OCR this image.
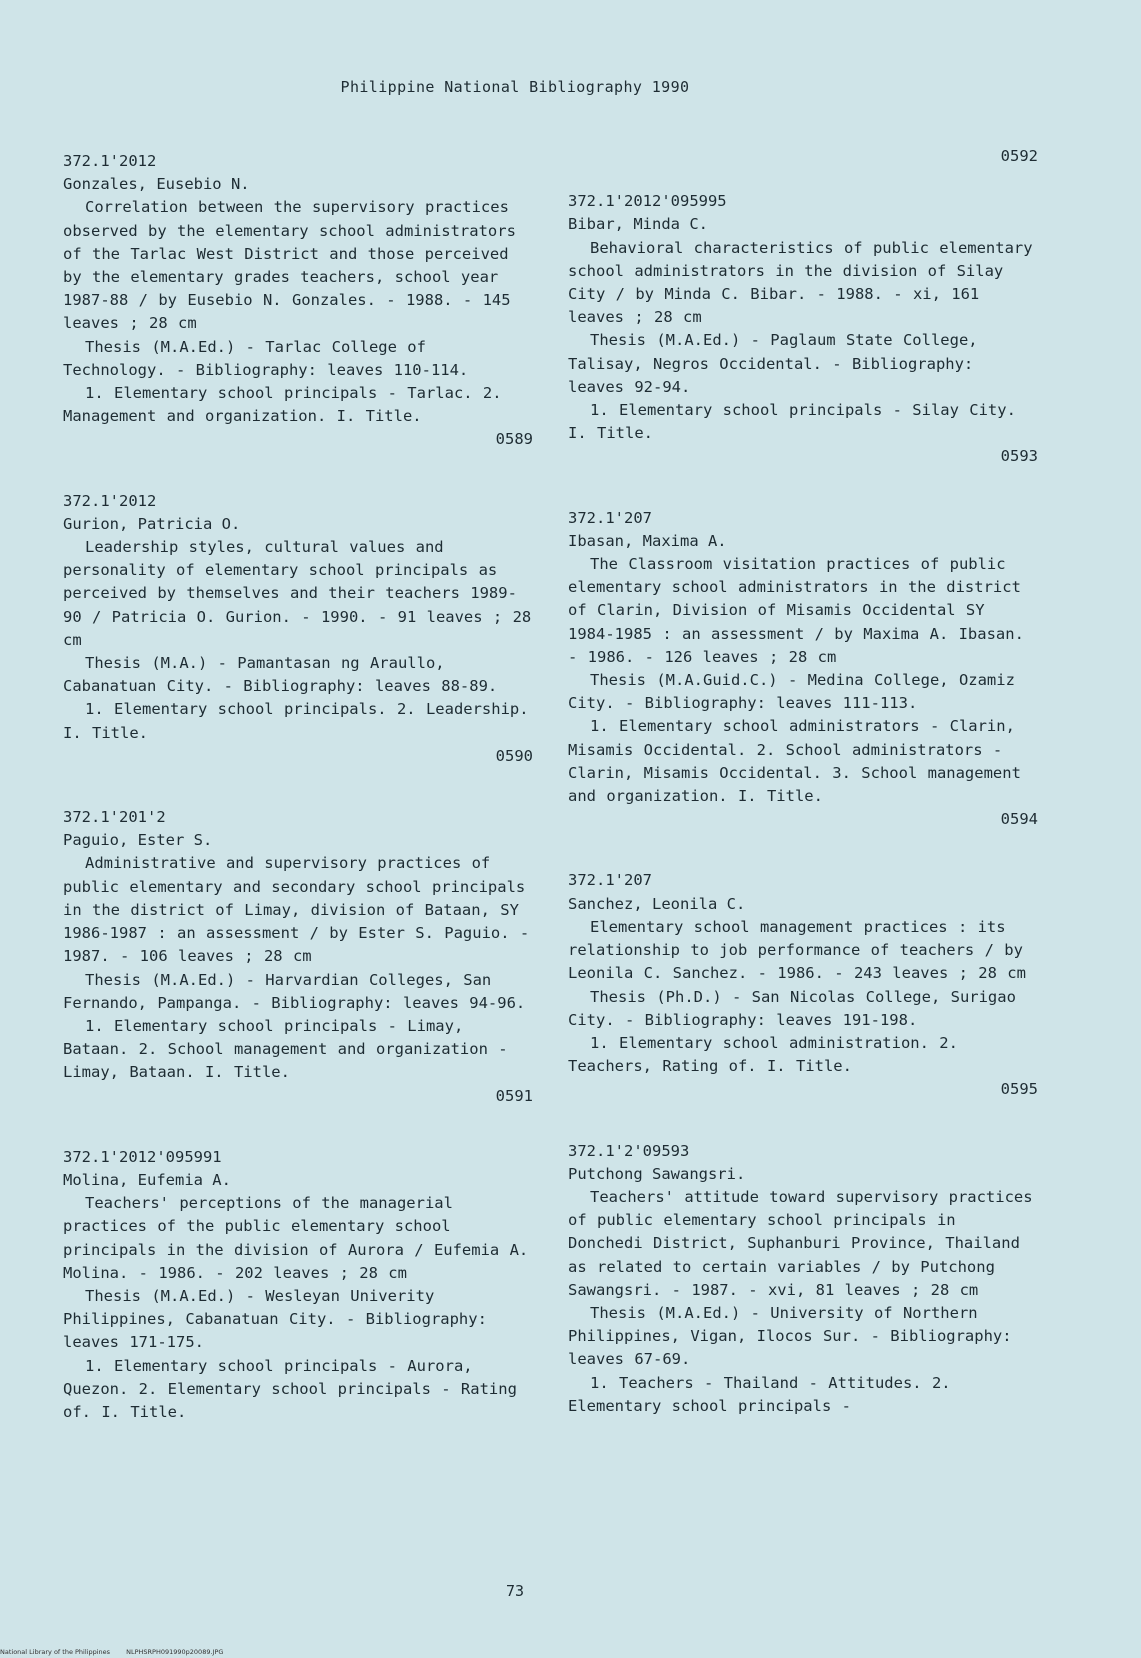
Philippine National Bibliography 1990
372.1'2012
Gonzales, Eusebio N.
Correlation between the supervisory practices observed by the elementary school administrators of the Tarlac West District and those perceived by the elementary grades teachers, school year 1987-88 / by Eusebio N. Gonzales. - 1988. - 145 leaves ; 28 cm
Thesis (M.A.Ed.) - Tarlac College of Technology. - Bibliography: leaves 110-114.
1. Elementary school principals - Tarlac. 2. Management and organization. I. Title.
0589
372.1'2012
Gurion, Patricia O.
Leadership styles, cultural values and personality of elementary school principals as perceived by themselves and their teachers 1989-90 / Patricia O. Gurion. - 1990. - 91 leaves ; 28 cm
Thesis (M.A.) - Pamantasan ng Araullo, Cabanatuan City. - Bibliography: leaves 88-89.
1. Elementary school principals. 2. Leadership. I. Title.
0590
372.1'201'2
Paguio, Ester S.
Administrative and supervisory practices of public elementary and secondary school principals in the district of Limay, division of Bataan, SY 1986-1987 : an assessment / by Ester S. Paguio. - 1987. - 106 leaves ; 28 cm
Thesis (M.A.Ed.) - Harvardian Colleges, San Fernando, Pampanga. - Bibliography: leaves 94-96.
1. Elementary school principals - Limay, Bataan. 2. School management and organization - Limay, Bataan. I. Title.
0591
372.1'2012'095991
Molina, Eufemia A.
Teachers' perceptions of the managerial practices of the public elementary school principals in the division of Aurora / Eufemia A. Molina. - 1986. - 202 leaves ; 28 cm
Thesis (M.A.Ed.) - Wesleyan Univerity Philippines, Cabanatuan City. - Bibliography: leaves 171-175.
1. Elementary school principals - Aurora, Quezon. 2. Elementary school principals - Rating of. I. Title.
0592
372.1'2012'095995
Bibar, Minda C.
Behavioral characteristics of public elementary school administrators in the division of Silay City / by Minda C. Bibar. - 1988. - xi, 161 leaves ; 28 cm
Thesis (M.A.Ed.) - Paglaum State College, Talisay, Negros Occidental. - Bibliography: leaves 92-94.
1. Elementary school principals - Silay City. I. Title.
0593
372.1'207
Ibasan, Maxima A.
The Classroom visitation practices of public elementary school administrators in the district of Clarin, Division of Misamis Occidental SY 1984-1985 : an assessment / by Maxima A. Ibasan. - 1986. - 126 leaves ; 28 cm
Thesis (M.A.Guid.C.) - Medina College, Ozamiz City. - Bibliography: leaves 111-113.
1. Elementary school administrators - Clarin, Misamis Occidental. 2. School administrators - Clarin, Misamis Occidental. 3. School management and organization. I. Title.
0594
372.1'207
Sanchez, Leonila C.
Elementary school management practices : its relationship to job performance of teachers / by Leonila C. Sanchez. - 1986. - 243 leaves ; 28 cm
Thesis (Ph.D.) - San Nicolas College, Surigao City. - Bibliography: leaves 191-198.
1. Elementary school administration. 2. Teachers, Rating of. I. Title.
0595
372.1'2'09593
Putchong Sawangsri.
Teachers' attitude toward supervisory practices of public elementary school principals in Donchedi District, Suphanburi Province, Thailand as related to certain variables / by Putchong Sawangsri. - 1987. - xvi, 81 leaves ; 28 cm
Thesis (M.A.Ed.) - University of Northern Philippines, Vigan, Ilocos Sur. - Bibliography: leaves 67-69.
1. Teachers - Thailand - Attitudes. 2. Elementary school principals -
73
National Library of the Philippines NLPHSRPH091990p20089.JPG
